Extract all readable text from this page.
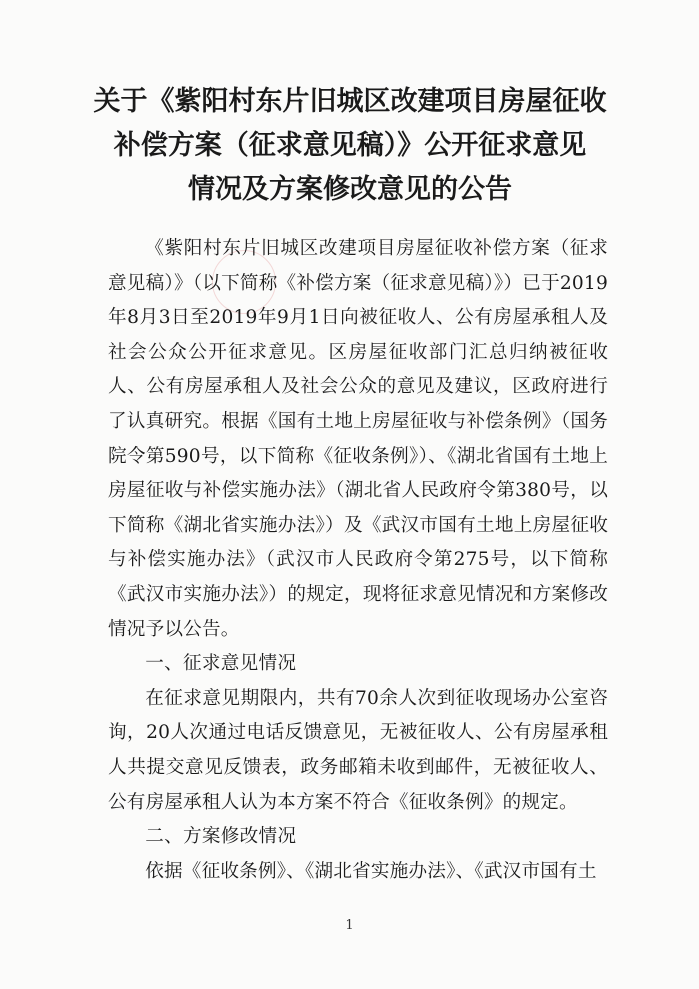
关于《紫阳村东片旧城区改建项目房屋征收
补偿方案（征求意见稿）》公开征求意见
情况及方案修改意见的公告

《紫阳村东片旧城区改建项目房屋征收补偿方案（征求意见稿）》（以下简称《补偿方案（征求意见稿）》）已于2019年8月3日至2019年9月1日向被征收人、公有房屋承租人及社会公众公开征求意见。区房屋征收部门汇总归纳被征收人、公有房屋承租人及社会公众的意见及建议，区政府进行了认真研究。根据《国有土地上房屋征收与补偿条例》（国务院令第590号，以下简称《征收条例》）、《湖北省国有土地上房屋征收与补偿实施办法》（湖北省人民政府令第380号，以下简称《湖北省实施办法》）及《武汉市国有土地上房屋征收与补偿实施办法》（武汉市人民政府令第275号，以下简称《武汉市实施办法》）的规定，现将征求意见情况和方案修改情况予以公告。

一、征求意见情况

在征求意见期限内，共有70余人次到征收现场办公室咨询，20人次通过电话反馈意见，无被征收人、公有房屋承租人共提交意见反馈表，政务邮箱未收到邮件，无被征收人、公有房屋承租人认为本方案不符合《征收条例》的规定。

二、方案修改情况

依据《征收条例》、《湖北省实施办法》、《武汉市国有土

1
